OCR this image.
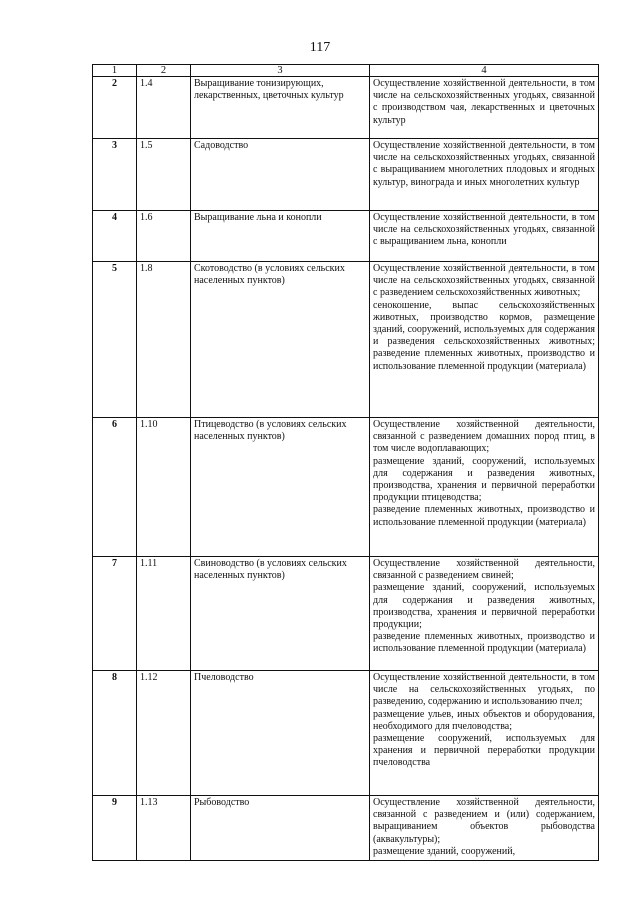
117
1	2	3	4
2	1.4	Выращивание тонизирующих, лекарственных, цветочных культур	Осуществление хозяйственной деятельности, в том числе на сельскохозяйственных угодьях, связанной с производством чая, лекарственных и цветочных культур

3	1.5	Садоводство	Осуществление хозяйственной деятельности, в том числе на сельскохозяйственных угодьях, связанной с выращиванием многолетних плодовых и ягодных культур, винограда и иных многолетних культур

4	1.6	Выращивание льна и конопли	Осуществление хозяйственной деятельности, в том числе на сельскохозяйственных угодьях, связанной с выращиванием льна, конопли

5	1.8	Скотоводство (в условиях сельских населенных пунктов)	Осуществление хозяйственной деятельности, в том числе на сельскохозяйственных угодьях, связанной с разведением сельскохозяйственных животных;
сенокошение, выпас сельскохозяйственных животных, производство кормов, размещение зданий, сооружений, используемых для содержания и разведения сельскохозяйственных животных; разведение племенных животных, производство и использование племенной продукции (материала)

6	1.10	Птицеводство (в условиях сельских населенных пунктов)	Осуществление хозяйственной деятельности, связанной с разведением домашних пород птиц, в том числе водоплавающих;
размещение зданий, сооружений, используемых для содержания и разведения животных, производства, хранения и первичной переработки продукции птицеводства;
разведение племенных животных, производство и использование племенной продукции (материала)

7	1.11	Свиноводство (в условиях сельских населенных пунктов)	Осуществление хозяйственной деятельности, связанной с разведением свиней;
размещение зданий, сооружений, используемых для содержания и разведения животных, производства, хранения и первичной переработки продукции;
разведение племенных животных, производство и использование племенной продукции (материала)

8	1.12	Пчеловодство	Осуществление хозяйственной деятельности, в том числе на сельскохозяйственных угодьях, по разведению, содержанию и использованию пчел;
размещение ульев, иных объектов и оборудования, необходимого для пчеловодства;
размещение сооружений, используемых для хранения и первичной переработки продукции пчеловодства

9	1.13	Рыбоводство	Осуществление хозяйственной деятельности, связанной с разведением и (или) содержанием, выращиванием объектов рыбоводства (аквакультуры);
размещение зданий, сооружений,
